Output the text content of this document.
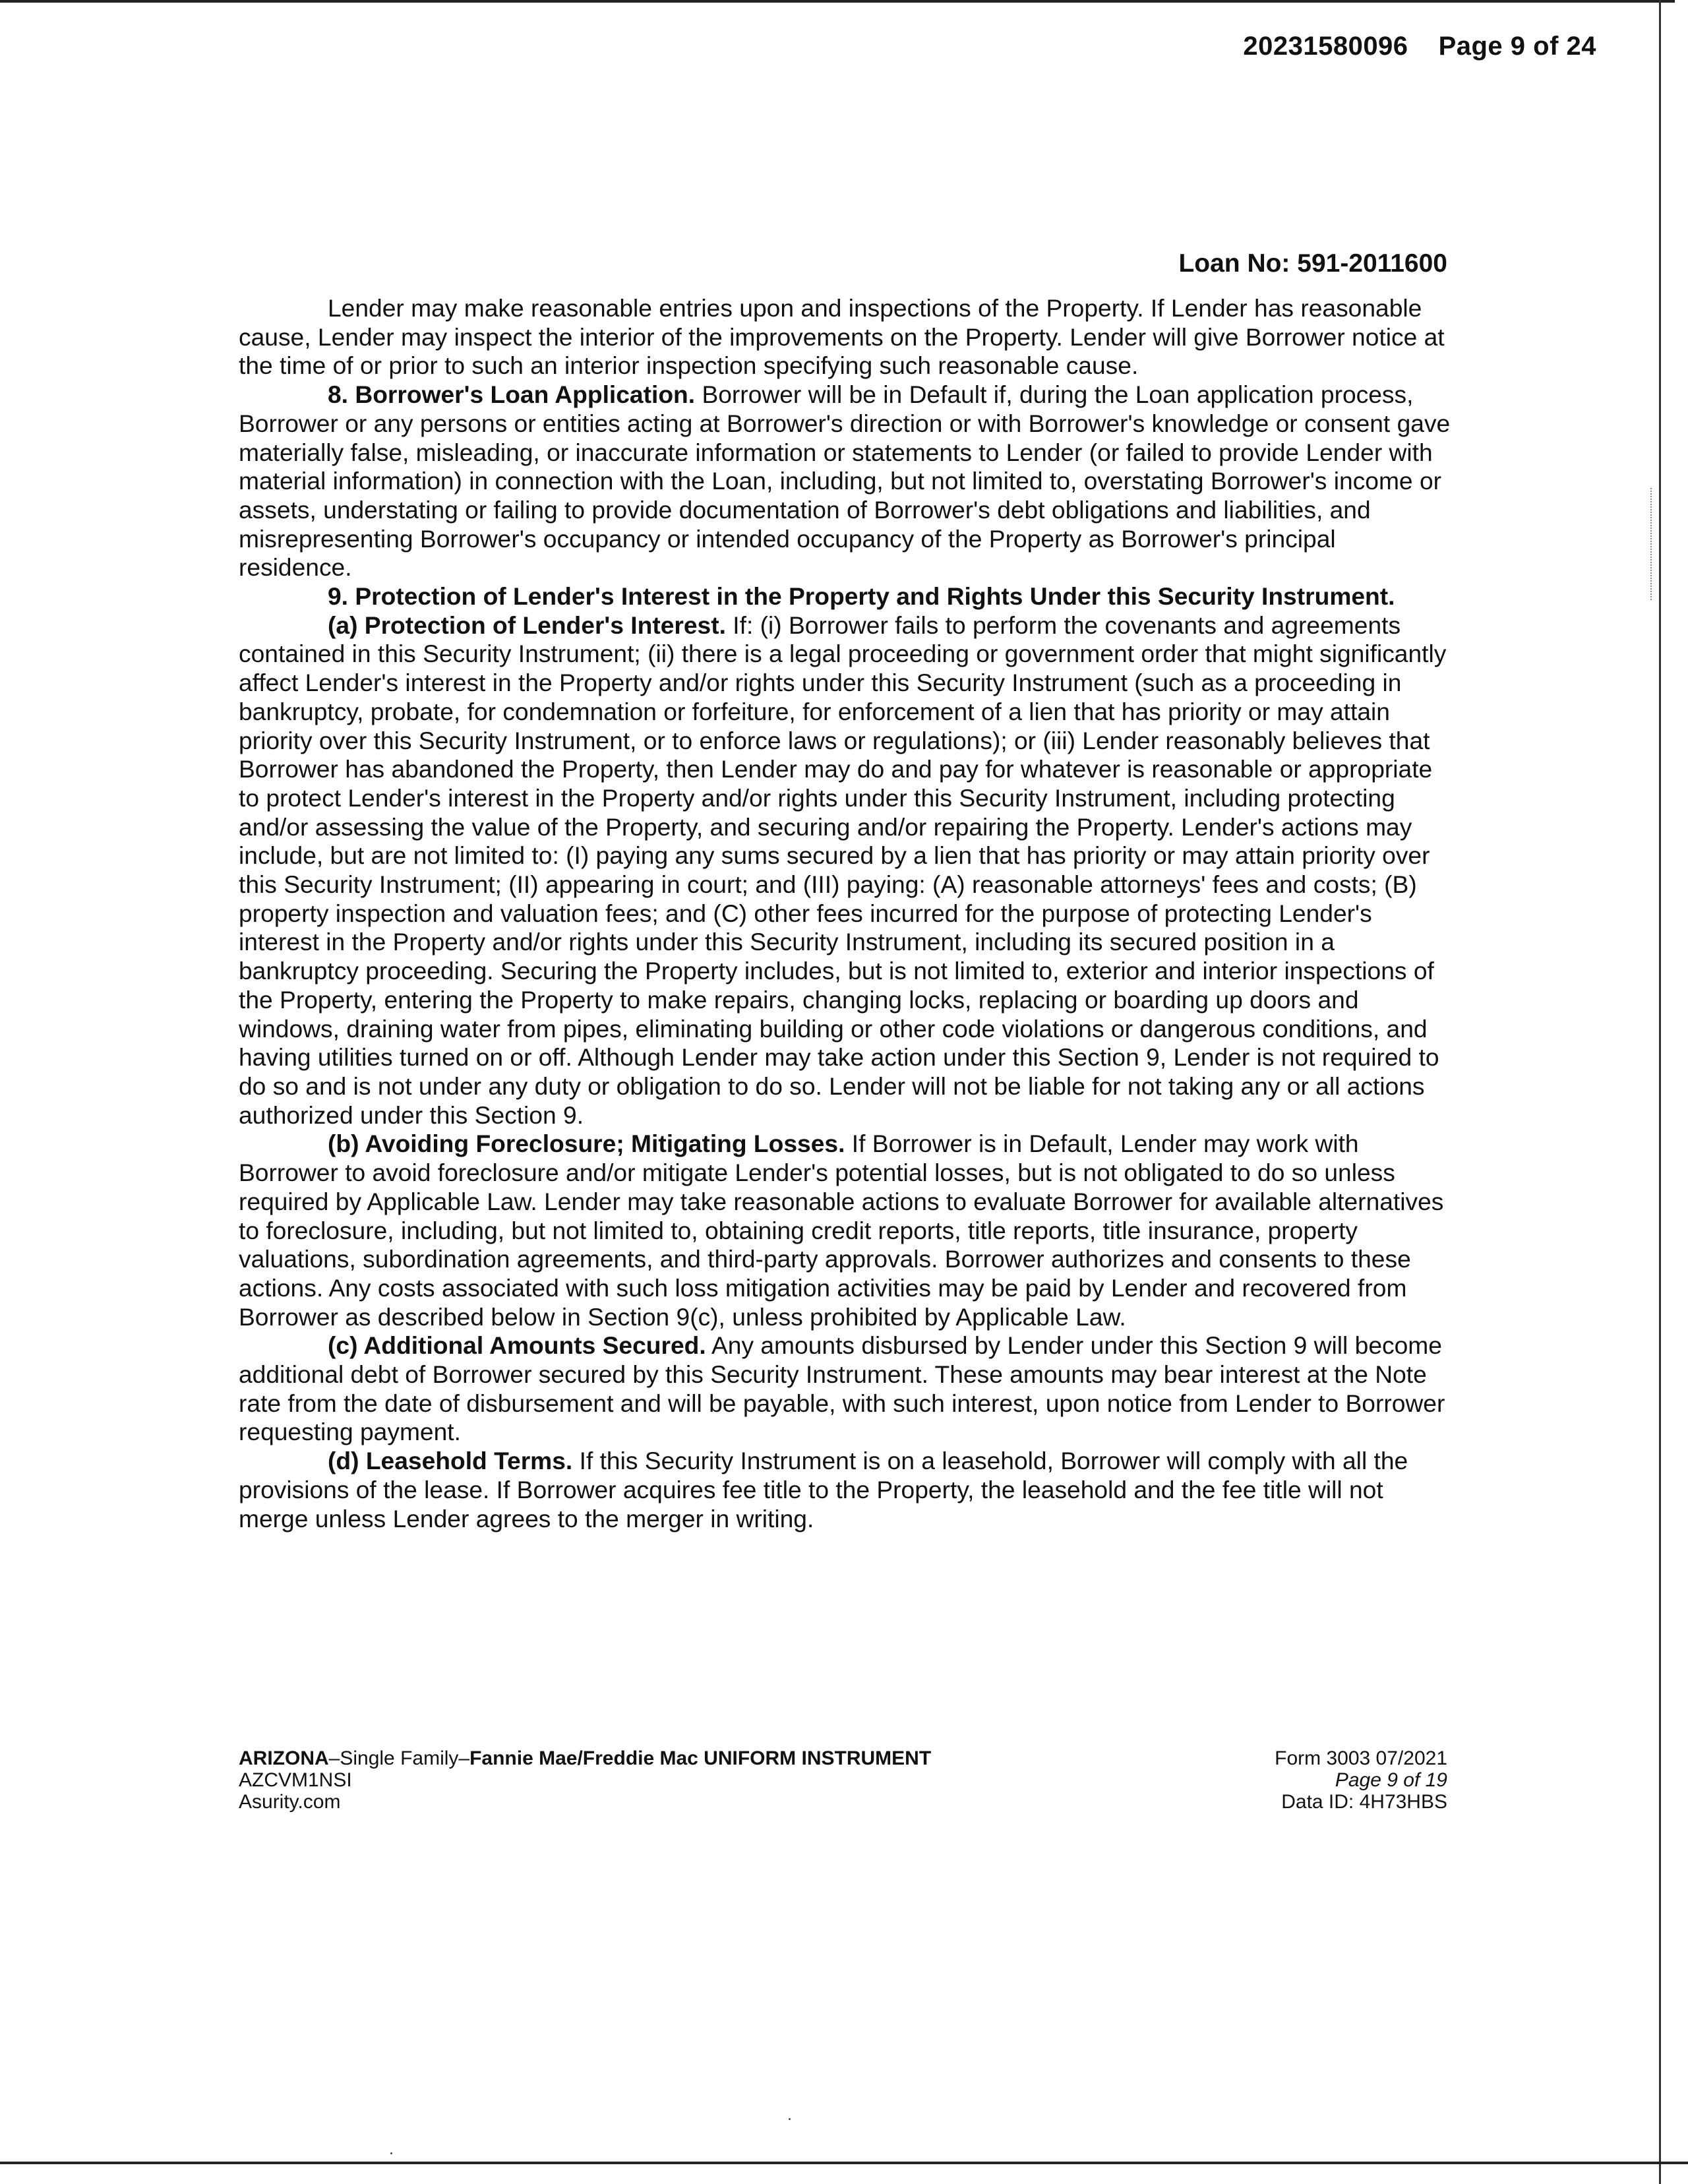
20231580096 Page 9 of 24
Loan No: 591-2011600

Lender may make reasonable entries upon and inspections of the Property. If Lender has reasonable cause, Lender may inspect the interior of the improvements on the Property. Lender will give Borrower notice at the time of or prior to such an interior inspection specifying such reasonable cause.

8. Borrower's Loan Application. Borrower will be in Default if, during the Loan application process, Borrower or any persons or entities acting at Borrower's direction or with Borrower's knowledge or consent gave materially false, misleading, or inaccurate information or statements to Lender (or failed to provide Lender with material information) in connection with the Loan, including, but not limited to, overstating Borrower's income or assets, understating or failing to provide documentation of Borrower's debt obligations and liabilities, and misrepresenting Borrower's occupancy or intended occupancy of the Property as Borrower's principal residence.

9. Protection of Lender's Interest in the Property and Rights Under this Security Instrument.

(a) Protection of Lender's Interest. If: (i) Borrower fails to perform the covenants and agreements contained in this Security Instrument; (ii) there is a legal proceeding or government order that might significantly affect Lender's interest in the Property and/or rights under this Security Instrument (such as a proceeding in bankruptcy, probate, for condemnation or forfeiture, for enforcement of a lien that has priority or may attain priority over this Security Instrument, or to enforce laws or regulations); or (iii) Lender reasonably believes that Borrower has abandoned the Property, then Lender may do and pay for whatever is reasonable or appropriate to protect Lender's interest in the Property and/or rights under this Security Instrument, including protecting and/or assessing the value of the Property, and securing and/or repairing the Property. Lender's actions may include, but are not limited to: (I) paying any sums secured by a lien that has priority or may attain priority over this Security Instrument; (II) appearing in court; and (III) paying: (A) reasonable attorneys' fees and costs; (B) property inspection and valuation fees; and (C) other fees incurred for the purpose of protecting Lender's interest in the Property and/or rights under this Security Instrument, including its secured position in a bankruptcy proceeding. Securing the Property includes, but is not limited to, exterior and interior inspections of the Property, entering the Property to make repairs, changing locks, replacing or boarding up doors and windows, draining water from pipes, eliminating building or other code violations or dangerous conditions, and having utilities turned on or off. Although Lender may take action under this Section 9, Lender is not required to do so and is not under any duty or obligation to do so. Lender will not be liable for not taking any or all actions authorized under this Section 9.

(b) Avoiding Foreclosure; Mitigating Losses. If Borrower is in Default, Lender may work with Borrower to avoid foreclosure and/or mitigate Lender's potential losses, but is not obligated to do so unless required by Applicable Law. Lender may take reasonable actions to evaluate Borrower for available alternatives to foreclosure, including, but not limited to, obtaining credit reports, title reports, title insurance, property valuations, subordination agreements, and third-party approvals. Borrower authorizes and consents to these actions. Any costs associated with such loss mitigation activities may be paid by Lender and recovered from Borrower as described below in Section 9(c), unless prohibited by Applicable Law.

(c) Additional Amounts Secured. Any amounts disbursed by Lender under this Section 9 will become additional debt of Borrower secured by this Security Instrument. These amounts may bear interest at the Note rate from the date of disbursement and will be payable, with such interest, upon notice from Lender to Borrower requesting payment.

(d) Leasehold Terms. If this Security Instrument is on a leasehold, Borrower will comply with all the provisions of the lease. If Borrower acquires fee title to the Property, the leasehold and the fee title will not merge unless Lender agrees to the merger in writing.

ARIZONA–Single Family–Fannie Mae/Freddie Mac UNIFORM INSTRUMENT
AZCVM1NSI
Asurity.com
Form 3003 07/2021
Page 9 of 19
Data ID: 4H73HBS
